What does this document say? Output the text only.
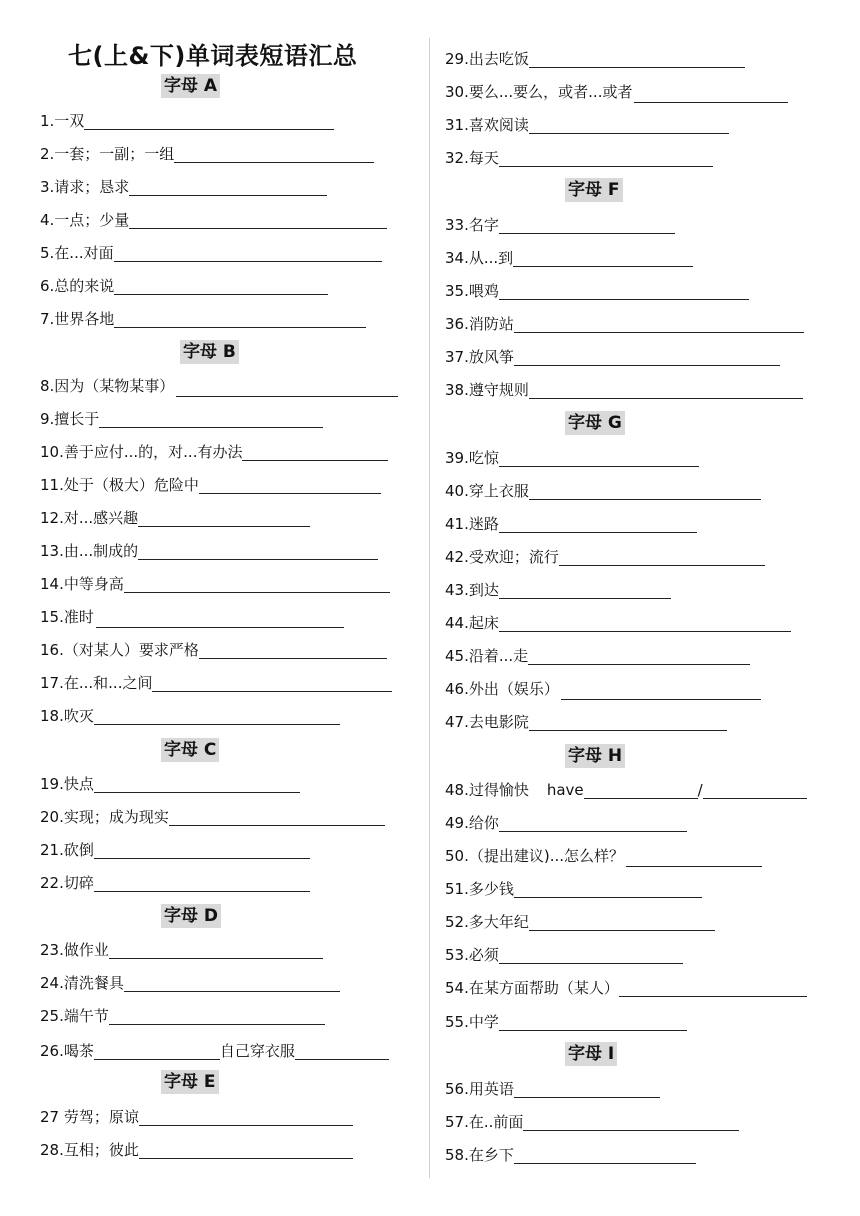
七(上&下)单词表短语汇总
字母 A
1.一双
2.一套；一副；一组
3.请求；恳求
4.一点；少量
5.在...对面
6.总的来说
7.世界各地
字母 B
8.因为（某物某事）
9.擅长于
10.善于应付...的，对...有办法
11.处于（极大）危险中
12.对...感兴趣
13.由...制成的
14.中等身高
15.准时
16.（对某人）要求严格
17.在...和...之间
18.吹灭
字母 C
19.快点
20.实现；成为现实
21.砍倒
22.切碎
字母 D
23.做作业
24.清洗餐具
25.端午节
26.喝茶	自己穿衣服
字母 E
27 劳驾；原谅
28.互相；彼此
29.出去吃饭
30.要么...要么，或者...或者
31.喜欢阅读
32.每天
字母 F
33.名字
34.从...到
35.喂鸡
36.消防站
37.放风筝
38.遵守规则
字母 G
39.吃惊
40.穿上衣服
41.迷路
42.受欢迎；流行
43.到达
44.起床
45.沿着...走
46.外出（娱乐）
47.去电影院
字母 H
48.过得愉快 have	/
49.给你
50.（提出建议)...怎么样？
51.多少钱
52.多大年纪
53.必须
54.在某方面帮助（某人）
55.中学
字母 I
56.用英语
57.在..前面
58.在乡下
